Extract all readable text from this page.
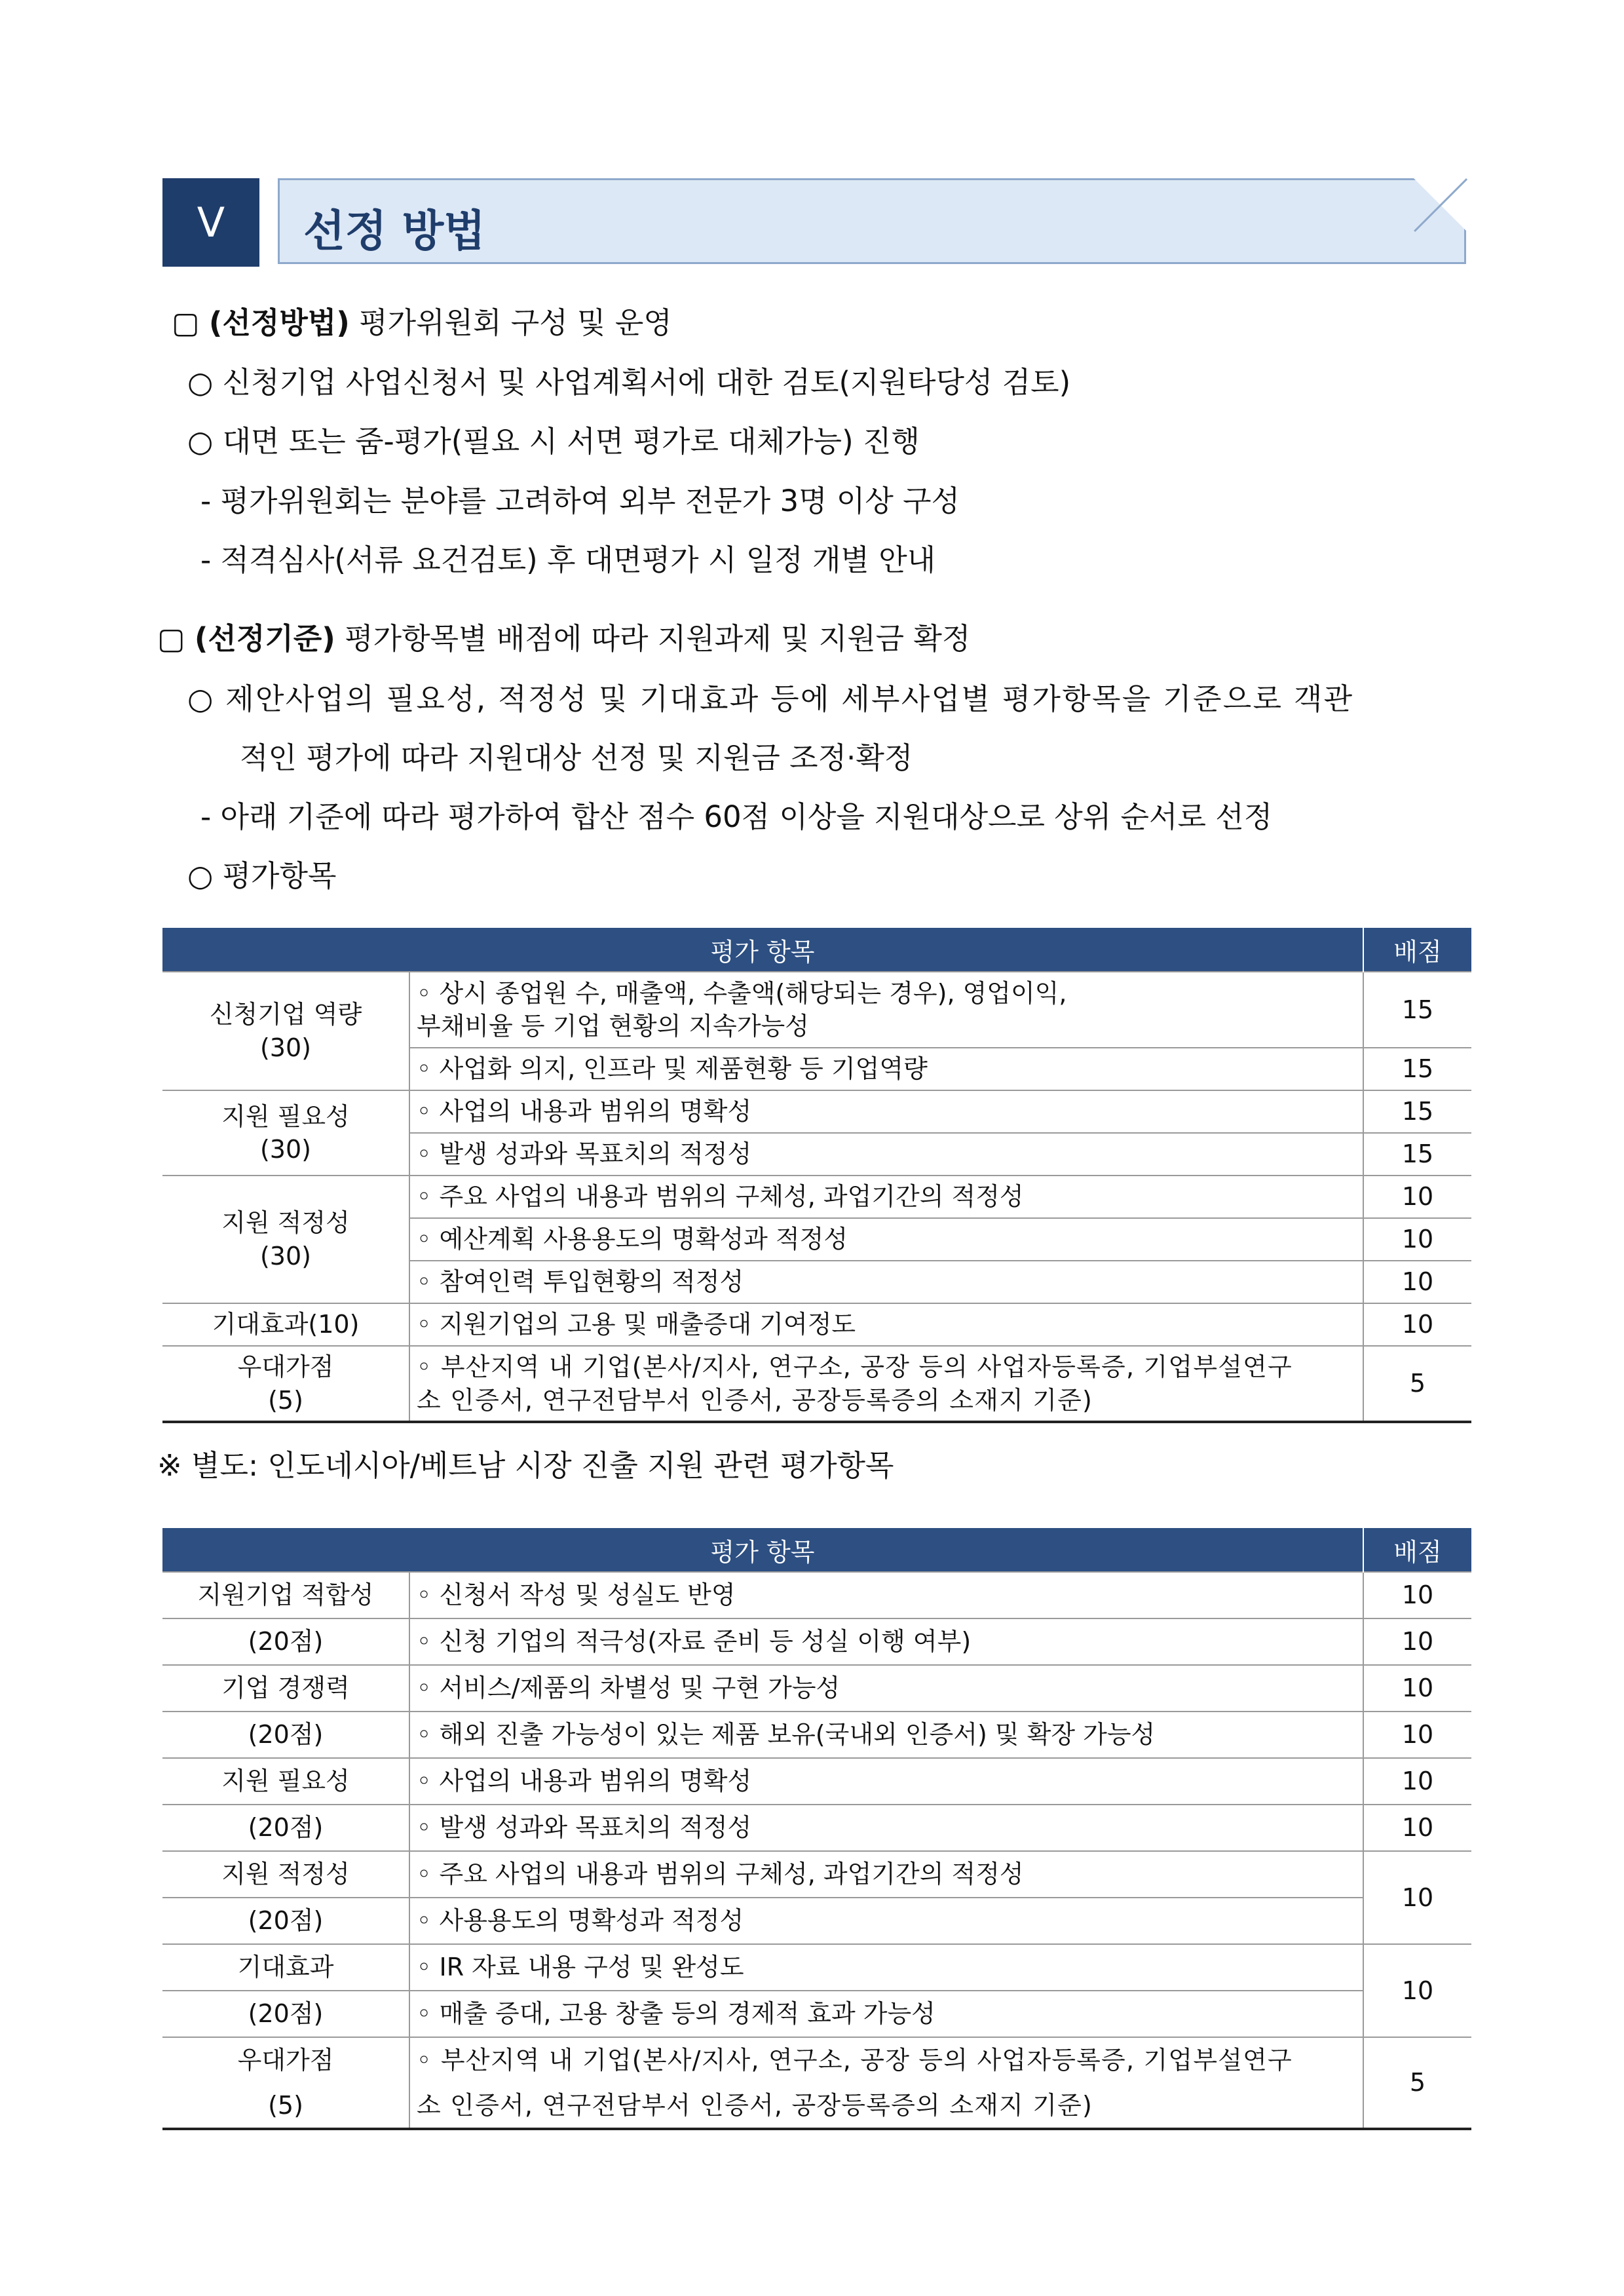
V	선정 방법
▢ (선정방법) 평가위원회 구성 및 운영
○ 신청기업 사업신청서 및 사업계획서에 대한 검토(지원타당성 검토)
○ 대면 또는 줌-평가(필요 시 서면 평가로 대체가능) 진행
- 평가위원회는 분야를 고려하여 외부 전문가 3명 이상 구성
- 적격심사(서류 요건검토) 후 대면평가 시 일정 개별 안내
▢ (선정기준) 평가항목별 배점에 따라 지원과제 및 지원금 확정
○ 제안사업의 필요성, 적정성 및 기대효과 등에 세부사업별 평가항목을 기준으로 객관
적인 평가에 따라 지원대상 선정 및 지원금 조정·확정
- 아래 기준에 따라 평가하여 합산 점수 60점 이상을 지원대상으로 상위 순서로 선정
○ 평가항목
평가 항목		배점

신청기업 역량
(30)	◦ 상시 종업원 수, 매출액, 수출액(해당되는 경우), 영업이익,
부채비율 등 기업 현황의 지속가능성	15
	◦ 사업화 의지, 인프라 및 제품현황 등 기업역량	15

지원 필요성
(30)	◦ 사업의 내용과 범위의 명확성	15
	◦ 발생 성과와 목표치의 적정성	15

지원 적정성
(30)	◦ 주요 사업의 내용과 범위의 구체성, 과업기간의 적정성	10
	◦ 예산계획 사용용도의 명확성과 적정성	10
	◦ 참여인력 투입현황의 적정성	10
기대효과(10)	◦ 지원기업의 고용 및 매출증대 기여정도	10

우대가점
(5)	◦ 부산지역 내 기업(본사/지사, 연구소, 공장 등의 사업자등록증, 기업부설연구
소 인증서, 연구전담부서 인증서, 공장등록증의 소재지 기준)	5
※ 별도: 인도네시아/베트남 시장 진출 지원 관련 평가항목
평가 항목		배점
지원기업 적합성	◦ 신청서 작성 및 성실도 반영	10
(20점)	◦ 신청 기업의 적극성(자료 준비 등 성실 이행 여부)	10
기업 경쟁력	◦ 서비스/제품의 차별성 및 구현 가능성	10
(20점)	◦ 해외 진출 가능성이 있는 제품 보유(국내외 인증서) 및 확장 가능성	10
지원 필요성	◦ 사업의 내용과 범위의 명확성	10
(20점)	◦ 발생 성과와 목표치의 적정성	10
지원 적정성	◦ 주요 사업의 내용과 범위의 구체성, 과업기간의 적정성	10
(20점)	◦ 사용용도의 명확성과 적정성	
기대효과	◦ IR 자료 내용 구성 및 완성도	10
(20점)	◦ 매출 증대, 고용 창출 등의 경제적 효과 가능성	

우대가점
(5)	◦ 부산지역 내 기업(본사/지사, 연구소, 공장 등의 사업자등록증, 기업부설연구
소 인증서, 연구전담부서 인증서, 공장등록증의 소재지 기준)	5
